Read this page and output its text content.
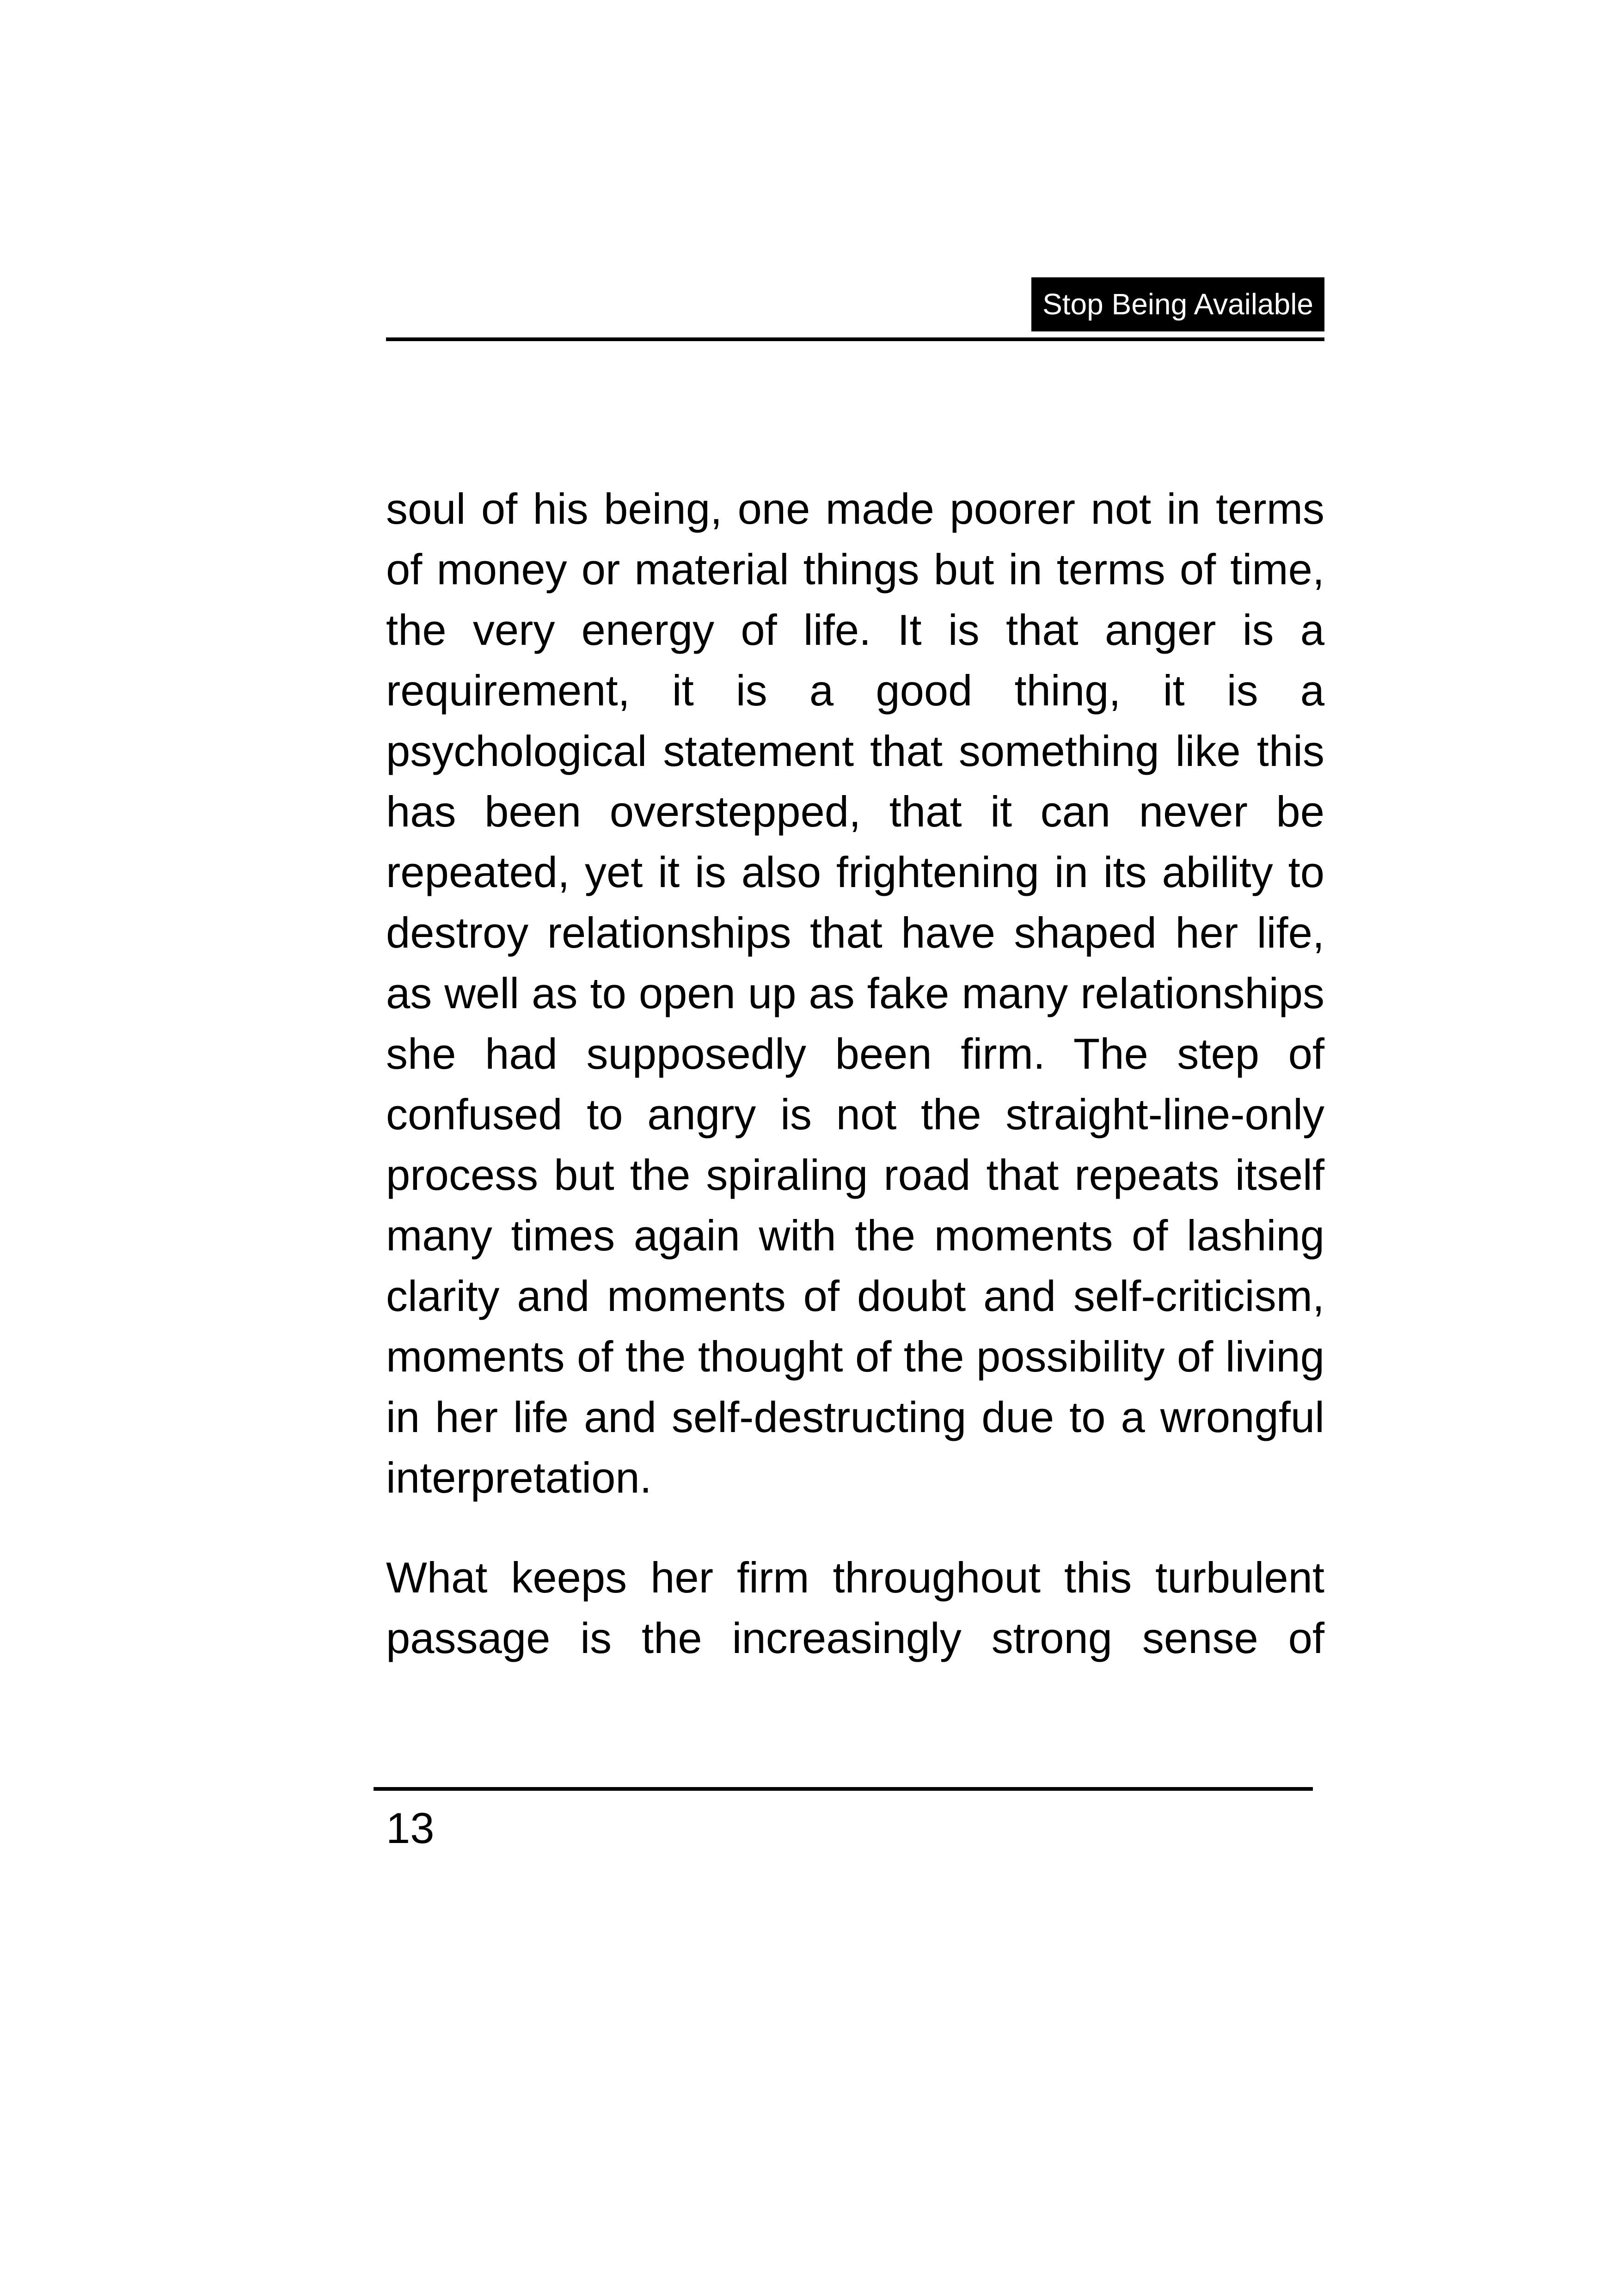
Stop Being Available

soul of his being, one made poorer not in terms of money or material things but in terms of time, the very energy of life. It is that anger is a requirement, it is a good thing, it is a psychological statement that something like this has been overstepped, that it can never be repeated, yet it is also frightening in its ability to destroy relationships that have shaped her life, as well as to open up as fake many relationships she had supposedly been firm. The step of confused to angry is not the straight-line-only process but the spiraling road that repeats itself many times again with the moments of lashing clarity and moments of doubt and self-criticism, moments of the thought of the possibility of living in her life and self-destructing due to a wrongful interpretation.

What keeps her firm throughout this turbulent passage is the increasingly strong sense of

13
